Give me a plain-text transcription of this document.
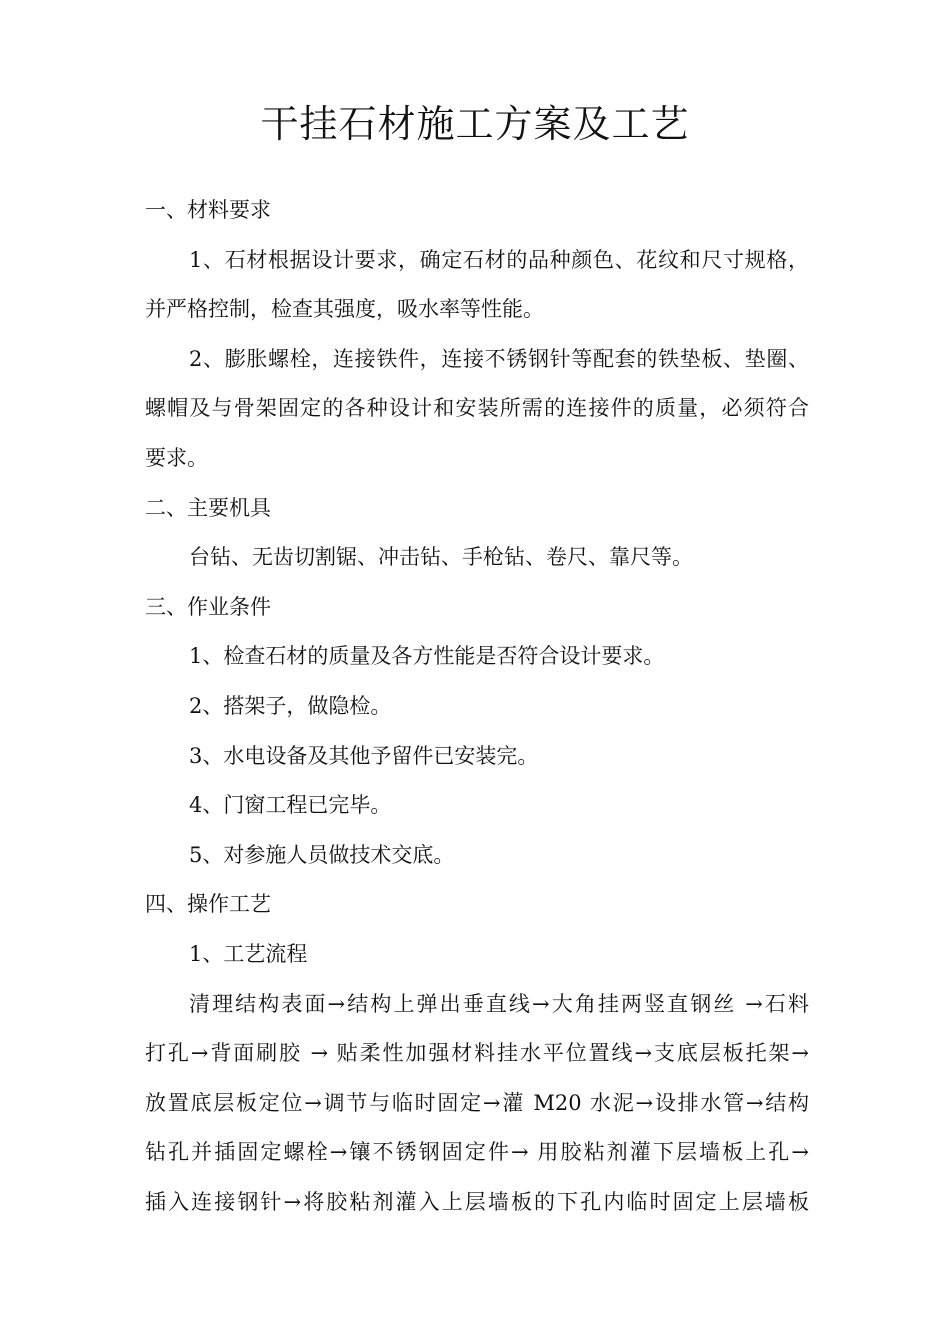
干挂石材施工方案及工艺

一、材料要求

1、石材根据设计要求，确定石材的品种颜色、花纹和尺寸规格，

并严格控制，检查其强度，吸水率等性能。

2、膨胀螺栓，连接铁件，连接不锈钢针等配套的铁垫板、垫圈、

螺帽及与骨架固定的各种设计和安装所需的连接件的质量，必须符合

要求。

二、主要机具

台钻、无齿切割锯、冲击钻、手枪钻、卷尺、靠尺等。

三、作业条件

1、检查石材的质量及各方性能是否符合设计要求。

2、搭架子，做隐检。

3、水电设备及其他予留件已安装完。

4、门窗工程已完毕。

5、对参施人员做技术交底。

四、操作工艺

1、工艺流程

清理结构表面→结构上弹出垂直线→大角挂两竖直钢丝 →石料

打孔→背面刷胶 → 贴柔性加强材料挂水平位置线→支底层板托架→

放置底层板定位→调节与临时固定→灌 M20 水泥→设排水管→结构

钻孔并插固定螺栓→镶不锈钢固定件→ 用胶粘剂灌下层墙板上孔→

插入连接钢针→将胶粘剂灌入上层墙板的下孔内临时固定上层墙板
